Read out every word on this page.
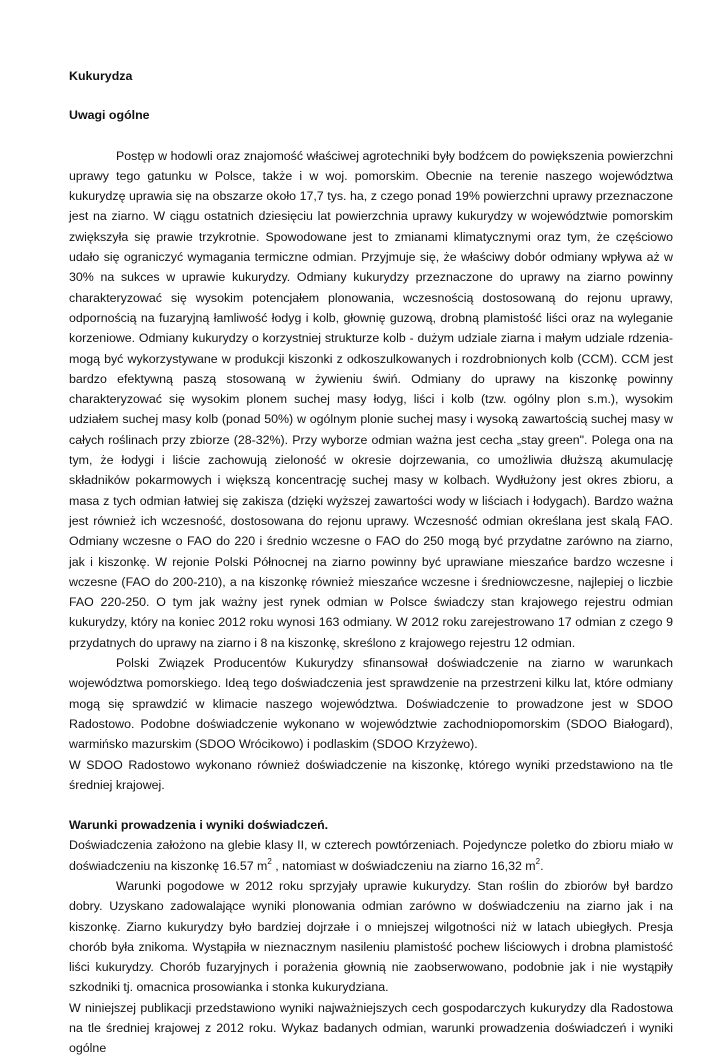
Kukurydza
Uwagi ogólne

Postęp w hodowli oraz znajomość właściwej agrotechniki były bodźcem do powiększenia powierzchni uprawy tego gatunku w Polsce, także i w woj. pomorskim. Obecnie na terenie naszego województwa kukurydzę uprawia się na obszarze około 17,7 tys. ha, z czego ponad 19% powierzchni uprawy przeznaczone jest na ziarno. W ciągu ostatnich dziesięciu lat powierzchnia uprawy kukurydzy w województwie pomorskim zwiększyła się prawie trzykrotnie. Spowodowane jest to zmianami klimatycznymi oraz tym, że częściowo udało się ograniczyć wymagania termiczne odmian. Przyjmuje się, że właściwy dobór odmiany wpływa aż w 30% na sukces w uprawie kukurydzy. Odmiany kukurydzy przeznaczone do uprawy na ziarno powinny charakteryzować się wysokim potencjałem plonowania, wczesnością dostosowaną do rejonu uprawy, odpornością na fuzaryjną łamliwość łodyg i kolb, głownię guzową, drobną plamistość liści oraz na wyleganie korzeniowe. Odmiany kukurydzy o korzystniej strukturze kolb - dużym udziale ziarna i małym udziale rdzenia- mogą być wykorzystywane w produkcji kiszonki z odkoszulkowanych i rozdrobnionych kolb (CCM). CCM jest bardzo efektywną paszą stosowaną w żywieniu świń. Odmiany do uprawy na kiszonkę powinny charakteryzować się wysokim plonem suchej masy łodyg, liści i kolb (tzw. ogólny plon s.m.), wysokim udziałem suchej masy kolb (ponad 50%) w ogólnym plonie suchej masy i wysoką zawartością suchej masy w całych roślinach przy zbiorze (28-32%). Przy wyborze odmian ważna jest cecha „stay green". Polega ona na tym, że łodygi i liście zachowują zieloność w okresie dojrzewania, co umożliwia dłuższą akumulację składników pokarmowych i większą koncentrację suchej masy w kolbach. Wydłużony jest okres zbioru, a masa z tych odmian łatwiej się zakisza (dzięki wyższej zawartości wody w liściach i łodygach). Bardzo ważna jest również ich wczesność, dostosowana do rejonu uprawy. Wczesność odmian określana jest skalą FAO. Odmiany wczesne o FAO do 220 i średnio wczesne o FAO do 250 mogą być przydatne zarówno na ziarno, jak i kiszonkę. W rejonie Polski Północnej na ziarno powinny być uprawiane mieszańce bardzo wczesne i wczesne (FAO do 200-210), a na kiszonkę również mieszańce wczesne i średniowczesne, najlepiej o liczbie FAO 220-250. O tym jak ważny jest rynek odmian w Polsce świadczy stan krajowego rejestru odmian kukurydzy, który na koniec 2012 roku wynosi 163 odmiany. W 2012 roku zarejestrowano 17 odmian z czego 9 przydatnych do uprawy na ziarno i 8 na kiszonkę, skreślono z krajowego rejestru 12 odmian.

Polski Związek Producentów Kukurydzy sfinansował doświadczenie na ziarno w warunkach województwa pomorskiego. Ideą tego doświadczenia jest sprawdzenie na przestrzeni kilku lat, które odmiany mogą się sprawdzić w klimacie naszego województwa. Doświadczenie to prowadzone jest w SDOO Radostowo. Podobne doświadczenie wykonano w województwie zachodniopomorskim (SDOO Białogard), warmińsko mazurskim (SDOO Wrócikowo) i podlaskim (SDOO Krzyżewo).

W SDOO Radostowo wykonano również doświadczenie na kiszonkę, którego wyniki przedstawiono na tle średniej krajowej.

Warunki prowadzenia i wyniki doświadczeń.

Doświadczenia założono na glebie klasy II, w czterech powtórzeniach. Pojedyncze poletko do zbioru miało w doświadczeniu na kiszonkę 16.57 $m^2$ , natomiast w doświadczeniu na ziarno 16,32 $m^2$.

Warunki pogodowe w 2012 roku sprzyjały uprawie kukurydzy. Stan roślin do zbiorów był bardzo dobry. Uzyskano zadowalające wyniki plonowania odmian zarówno w doświadczeniu na ziarno jak i na kiszonkę. Ziarno kukurydzy było bardziej dojrzałe i o mniejszej wilgotności niż w latach ubiegłych. Presja chorób była znikoma. Wystąpiła w nieznacznym nasileniu plamistość pochew liściowych i drobna plamistość liści kukurydzy. Chorób fuzaryjnych i porażenia głownią nie zaobserwowano, podobnie jak i nie wystąpiły szkodniki tj. omacnica prosowianka i stonka kukurydziana.

W niniejszej publikacji przedstawiono wyniki najważniejszych cech gospodarczych kukurydzy dla Radostowa na tle średniej krajowej z 2012 roku. Wykaz badanych odmian, warunki prowadzenia doświadczeń i wyniki ogólne
